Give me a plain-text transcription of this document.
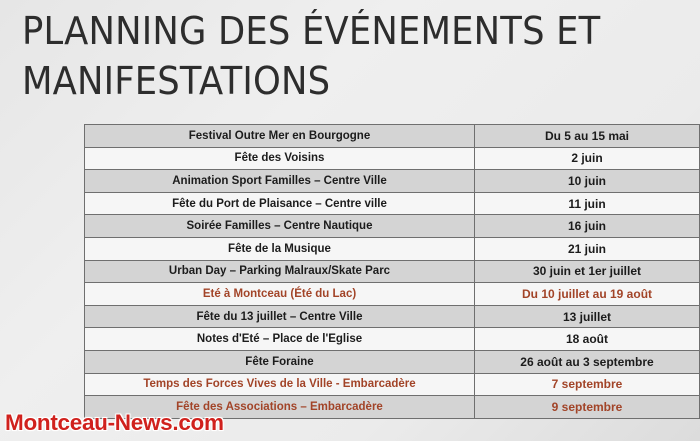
PLANNING DES ÉVÉNEMENTS ET
MANIFESTATIONS
Festival Outre Mer en Bourgogne	Du 5 au 15 mai
Fête des Voisins	2 juin
Animation Sport Familles – Centre Ville	10 juin
Fête du Port de Plaisance – Centre ville	11 juin
Soirée Familles – Centre Nautique	16 juin
Fête de la Musique	21 juin
Urban Day – Parking Malraux/Skate Parc	30 juin et 1er juillet
Eté à Montceau (Été du Lac)	Du 10 juillet au 19 août
Fête du 13 juillet – Centre Ville	13 juillet
Notes d'Eté – Place de l'Eglise	18 août
Fête Foraine	26 août au 3 septembre
Temps des Forces Vives de la Ville - Embarcadère	7 septembre
Fête des Associations – Embarcadère	9 septembre
Montceau-News.com
